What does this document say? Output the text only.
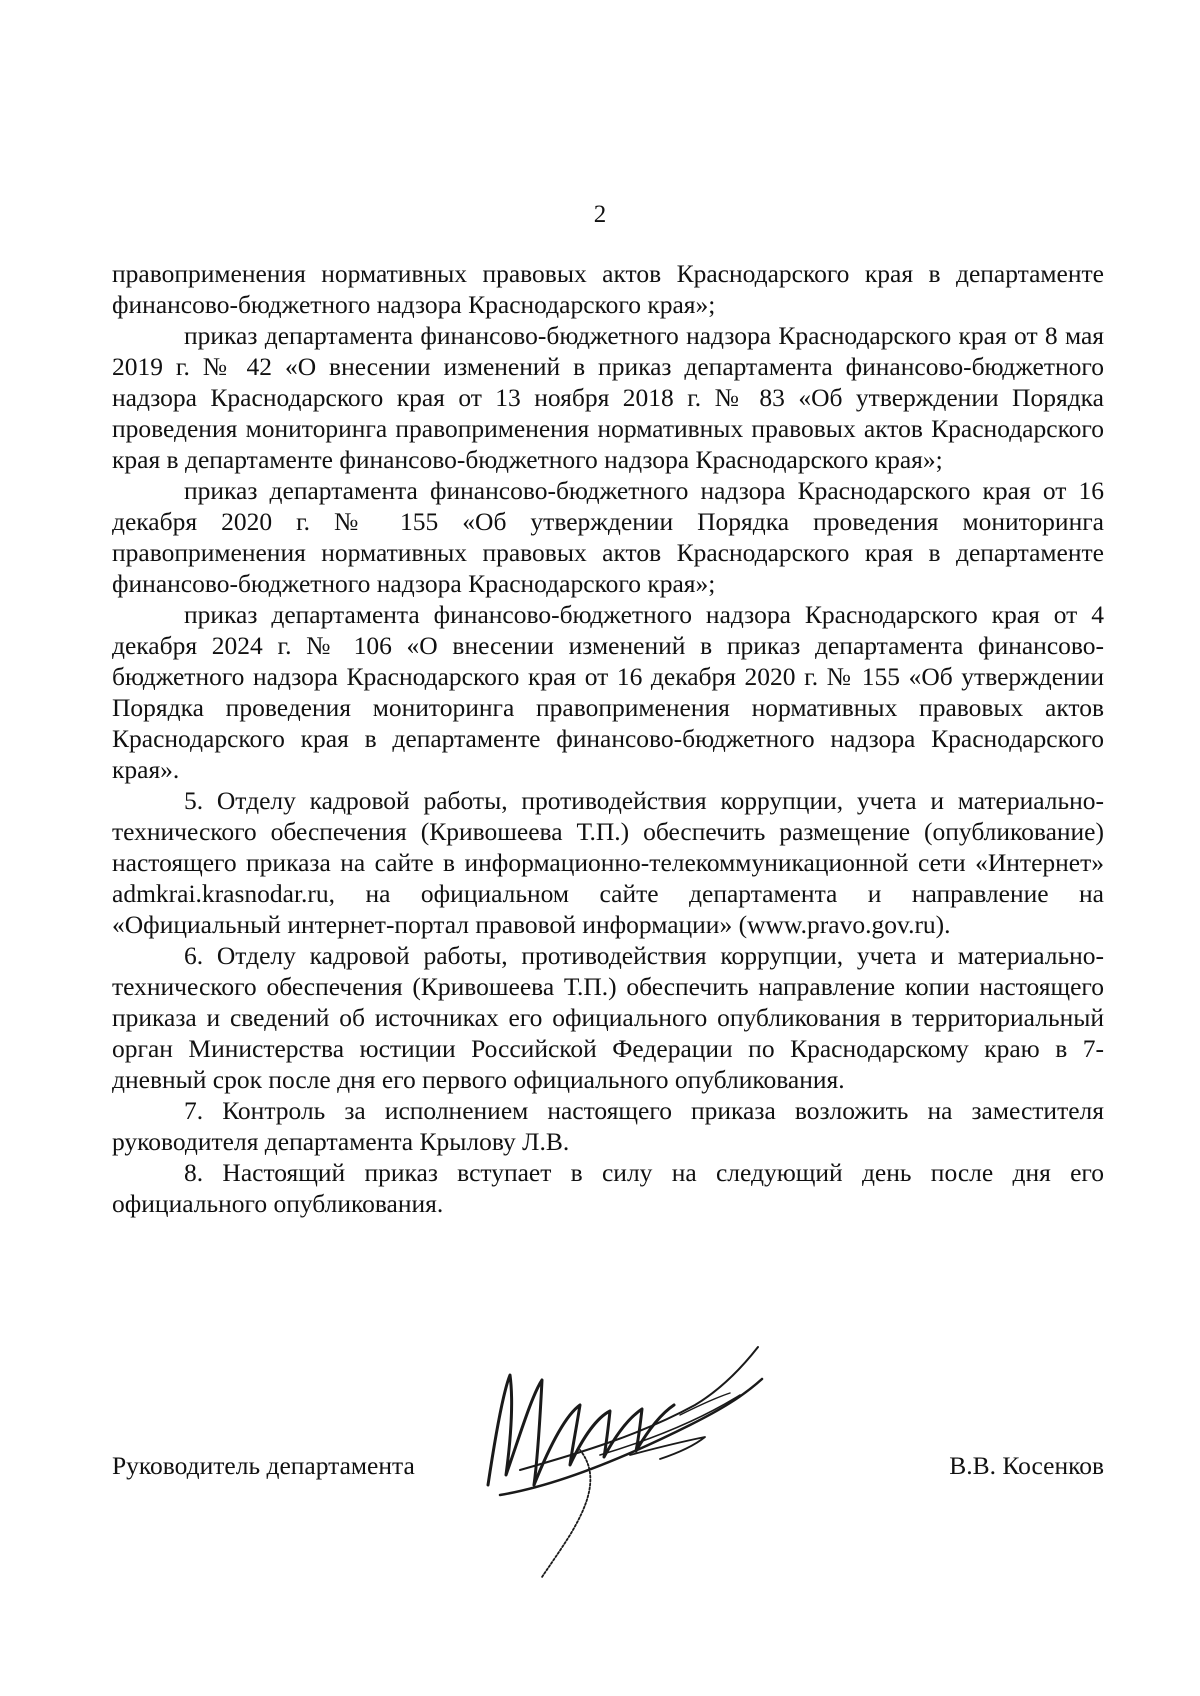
2

правоприменения нормативных правовых актов Краснодарского края в департаменте финансово-бюджетного надзора Краснодарского края»;

приказ департамента финансово-бюджетного надзора Краснодарского края от 8 мая 2019 г. № 42 «О внесении изменений в приказ департамента финансово-бюджетного надзора Краснодарского края от 13 ноября 2018 г. № 83 «Об утверждении Порядка проведения мониторинга правоприменения нормативных правовых актов Краснодарского края в департаменте финансово-бюджетного надзора Краснодарского края»;

приказ департамента финансово-бюджетного надзора Краснодарского края от 16 декабря 2020 г. № 155 «Об утверждении Порядка проведения мониторинга правоприменения нормативных правовых актов Краснодарского края в департаменте финансово-бюджетного надзора Краснодарского края»;

приказ департамента финансово-бюджетного надзора Краснодарского края от 4 декабря 2024 г. № 106 «О внесении изменений в приказ департамента финансово-бюджетного надзора Краснодарского края от 16 декабря 2020 г. № 155 «Об утверждении Порядка проведения мониторинга правоприменения нормативных правовых актов Краснодарского края в департаменте финансово-бюджетного надзора Краснодарского края».

5. Отделу кадровой работы, противодействия коррупции, учета и материально-технического обеспечения (Кривошеева Т.П.) обеспечить размещение (опубликование) настоящего приказа на сайте в информационно-телекоммуникационной сети «Интернет» admkrai.krasnodar.ru, на официальном сайте департамента и направление на «Официальный интернет-портал правовой информации» (www.pravo.gov.ru).

6. Отделу кадровой работы, противодействия коррупции, учета и материально-технического обеспечения (Кривошеева Т.П.) обеспечить направление копии настоящего приказа и сведений об источниках его официального опубликования в территориальный орган Министерства юстиции Российской Федерации по Краснодарскому краю в 7-дневный срок после дня его первого официального опубликования.

7. Контроль за исполнением настоящего приказа возложить на заместителя руководителя департамента Крылову Л.В.

8. Настоящий приказ вступает в силу на следующий день после дня его официального опубликования.

Руководитель департамента	В.В. Косенков
